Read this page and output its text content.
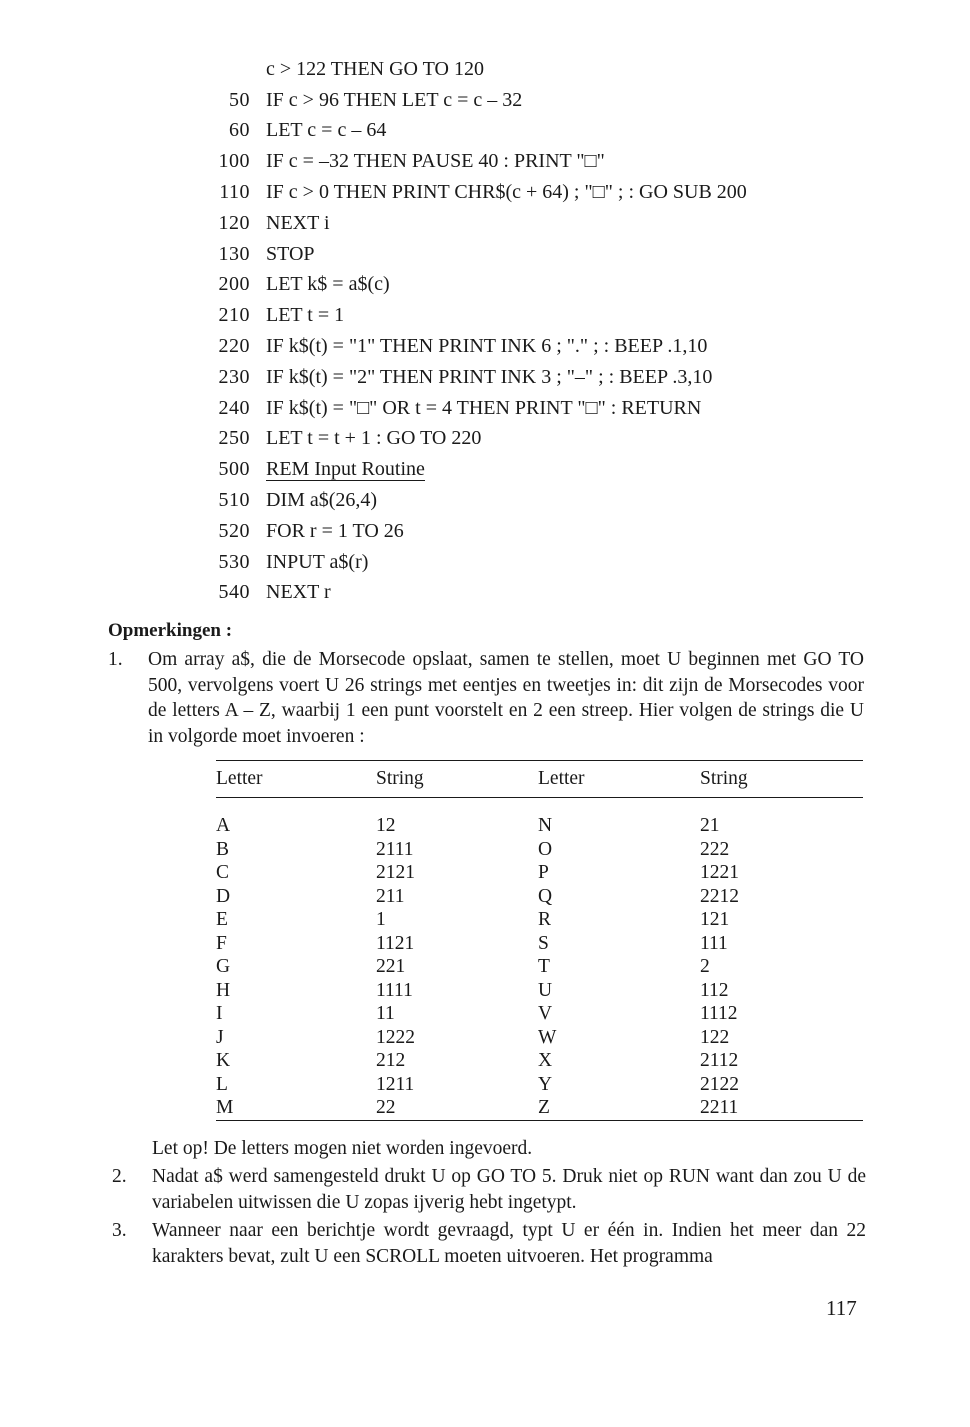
c > 122 THEN GO TO 120
50 IF c > 96 THEN LET c = c – 32
60 LET c = c – 64
100 IF c = –32 THEN PAUSE 40 : PRINT "□"
110 IF c > 0 THEN PRINT CHR$(c + 64) ; "□" ; : GO SUB 200
120 NEXT i
130 STOP
200 LET k$ = a$(c)
210 LET t = 1
220 IF k$(t) = "1" THEN PRINT INK 6 ; "." ; : BEEP .1,10
230 IF k$(t) = "2" THEN PRINT INK 3 ; "–" ; : BEEP .3,10
240 IF k$(t) = "□" OR t = 4 THEN PRINT "□" : RETURN
250 LET t = t + 1 : GO TO 220
500 REM Input Routine
510 DIM a$(26,4)
520 FOR r = 1 TO 26
530 INPUT a$(r)
540 NEXT r
Opmerkingen :
1.	Om array a$, die de Morsecode opslaat, samen te stellen, moet U beginnen met GO TO 500, vervolgens voert U 26 strings met eentjes en tweetjes in: dit zijn de Morsecodes voor de letters A – Z, waarbij 1 een punt voorstelt en 2 een streep. Hier volgen de strings die U in volgorde moet invoeren :
Letter	String	Letter	String
A	12	N	21
B	2111	O	222
C	2121	P	1221
D	211	Q	2212
E	1	R	121
F	1121	S	111
G	221	T	2
H	1111	U	112
I	11	V	1112
J	1222	W	122
K	212	X	2112
L	1211	Y	2122
M	22	Z	2211
Let op! De letters mogen niet worden ingevoerd.
2.	Nadat a$ werd samengesteld drukt U op GO TO 5. Druk niet op RUN want dan zou U de variabelen uitwissen die U zopas ijverig hebt ingetypt.
3.	Wanneer naar een berichtje wordt gevraagd, typt U er één in. Indien het meer dan 22 karakters bevat, zult U een SCROLL moeten uitvoeren. Het programma
117
